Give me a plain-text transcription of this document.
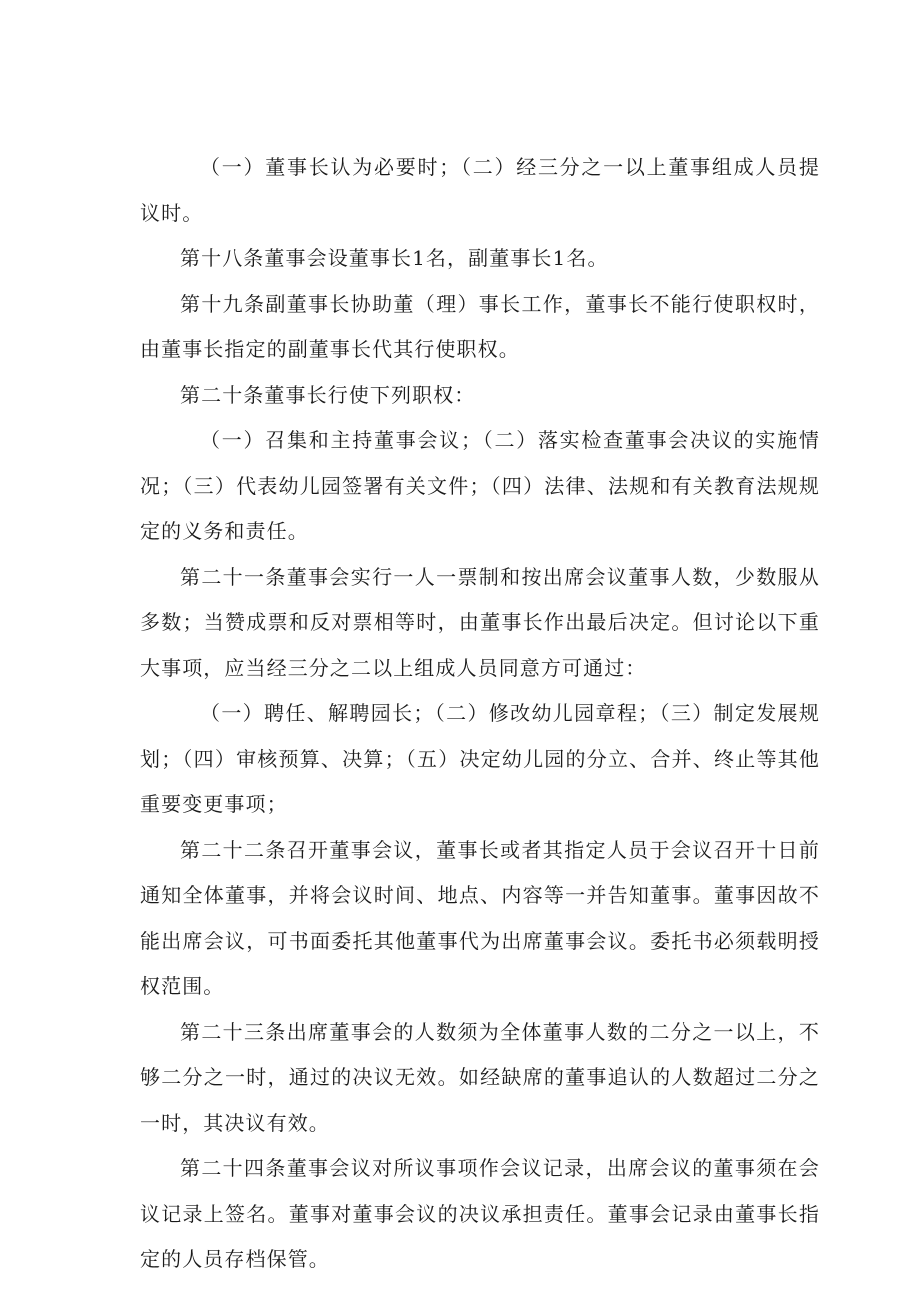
（一）董事长认为必要时；（二）经三分之一以上董事组成人员提议时。

第十八条董事会设董事长1名，副董事长1名。

第十九条副董事长协助董（理）事长工作，董事长不能行使职权时，由董事长指定的副董事长代其行使职权。

第二十条董事长行使下列职权：

（一）召集和主持董事会议；（二）落实检查董事会决议的实施情况；（三）代表幼儿园签署有关文件；（四）法律、法规和有关教育法规规定的义务和责任。

第二十一条董事会实行一人一票制和按出席会议董事人数，少数服从多数；当赞成票和反对票相等时，由董事长作出最后决定。但讨论以下重大事项，应当经三分之二以上组成人员同意方可通过：

（一）聘任、解聘园长；（二）修改幼儿园章程；（三）制定发展规划；（四）审核预算、决算；（五）决定幼儿园的分立、合并、终止等其他重要变更事项；

第二十二条召开董事会议，董事长或者其指定人员于会议召开十日前通知全体董事，并将会议时间、地点、内容等一并告知董事。董事因故不能出席会议，可书面委托其他董事代为出席董事会议。委托书必须载明授权范围。

第二十三条出席董事会的人数须为全体董事人数的二分之一以上，不够二分之一时，通过的决议无效。如经缺席的董事追认的人数超过二分之一时，其决议有效。

第二十四条董事会议对所议事项作会议记录，出席会议的董事须在会议记录上签名。董事对董事会议的决议承担责任。董事会记录由董事长指定的人员存档保管。
